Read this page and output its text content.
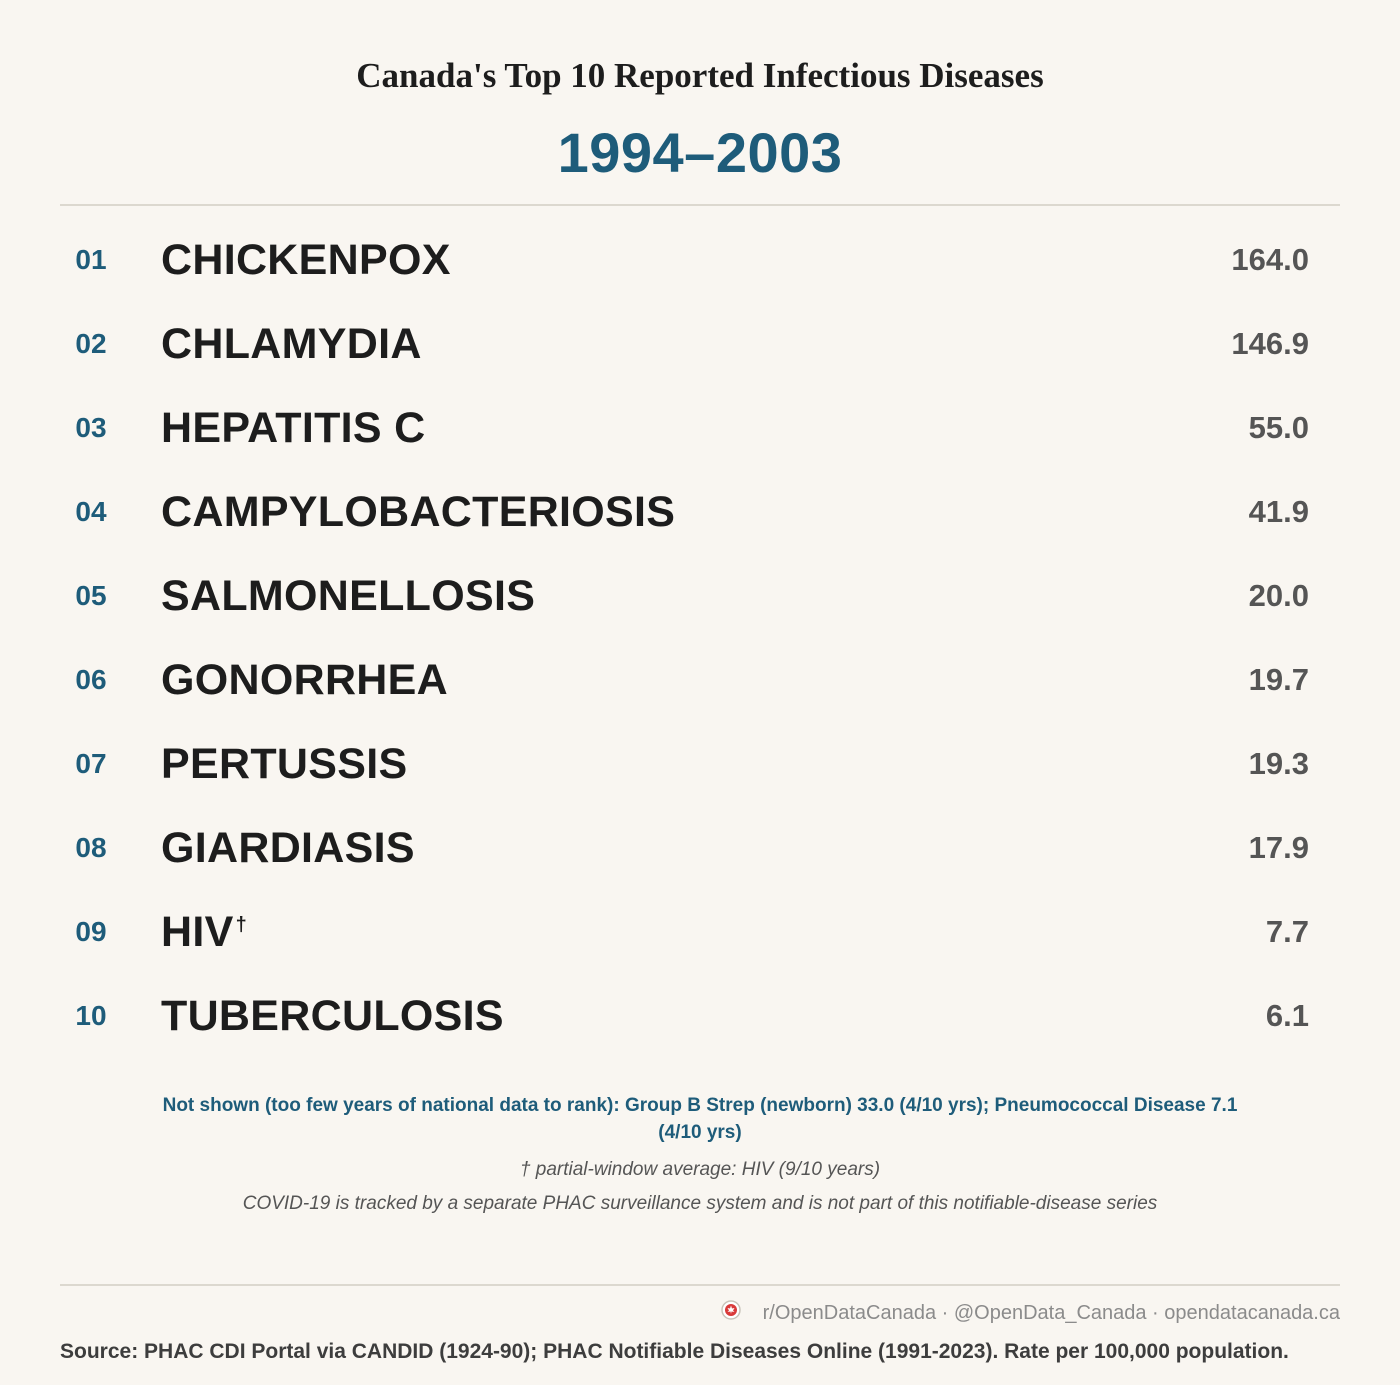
Canada's Top 10 Reported Infectious Diseases
1994–2003
01	CHICKENPOX	164.0
02	CHLAMYDIA	146.9
03	HEPATITIS C	55.0
04	CAMPYLOBACTERIOSIS	41.9
05	SALMONELLOSIS	20.0
06	GONORRHEA	19.7
07	PERTUSSIS	19.3
08	GIARDIASIS	17.9
09	HIV †	7.7
10	TUBERCULOSIS	6.1
Not shown (too few years of national data to rank): Group B Strep (newborn) 33.0 (4/10 yrs); Pneumococcal Disease 7.1 (4/10 yrs)
† partial-window average: HIV (9/10 years)
COVID-19 is tracked by a separate PHAC surveillance system and is not part of this notifiable-disease series
r/OpenDataCanada · @OpenData_Canada · opendatacanada.ca
Source: PHAC CDI Portal via CANDID (1924-90); PHAC Notifiable Diseases Online (1991-2023). Rate per 100,000 population.
